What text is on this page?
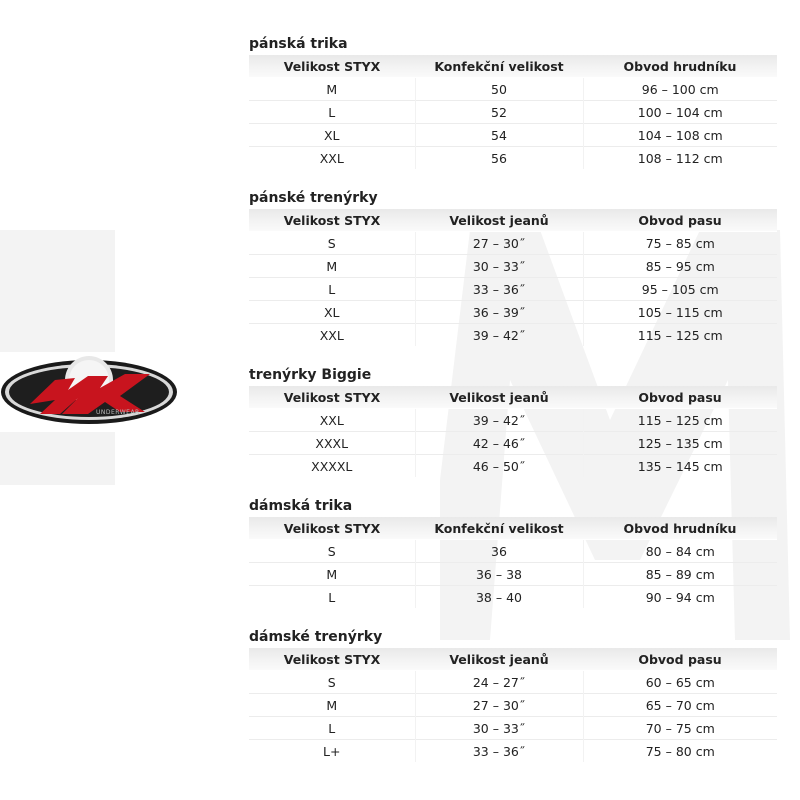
UNDERWEAR
pánská trika
Velikost STYX	Konfekční velikost	Obvod hrudníku
M	50	96 – 100 cm
L	52	100 – 104 cm
XL	54	104 – 108 cm
XXL	56	108 – 112 cm
pánské trenýrky
Velikost STYX	Velikost jeanů	Obvod pasu
S	27 – 30˝	75 – 85 cm
M	30 – 33˝	85 – 95 cm
L	33 – 36˝	95 – 105 cm
XL	36 – 39˝	105 – 115 cm
XXL	39 – 42˝	115 – 125 cm
trenýrky Biggie
Velikost STYX	Velikost jeanů	Obvod pasu
XXL	39 – 42˝	115 – 125 cm
XXXL	42 – 46˝	125 – 135 cm
XXXXL	46 – 50˝	135 – 145 cm
dámská trika
Velikost STYX	Konfekční velikost	Obvod hrudníku
S	36	80 – 84 cm
M	36 – 38	85 – 89 cm
L	38 – 40	90 – 94 cm
dámské trenýrky
Velikost STYX	Velikost jeanů	Obvod pasu
S	24 – 27˝	60 – 65 cm
M	27 – 30˝	65 – 70 cm
L	30 – 33˝	70 – 75 cm
L+	33 – 36˝	75 – 80 cm
